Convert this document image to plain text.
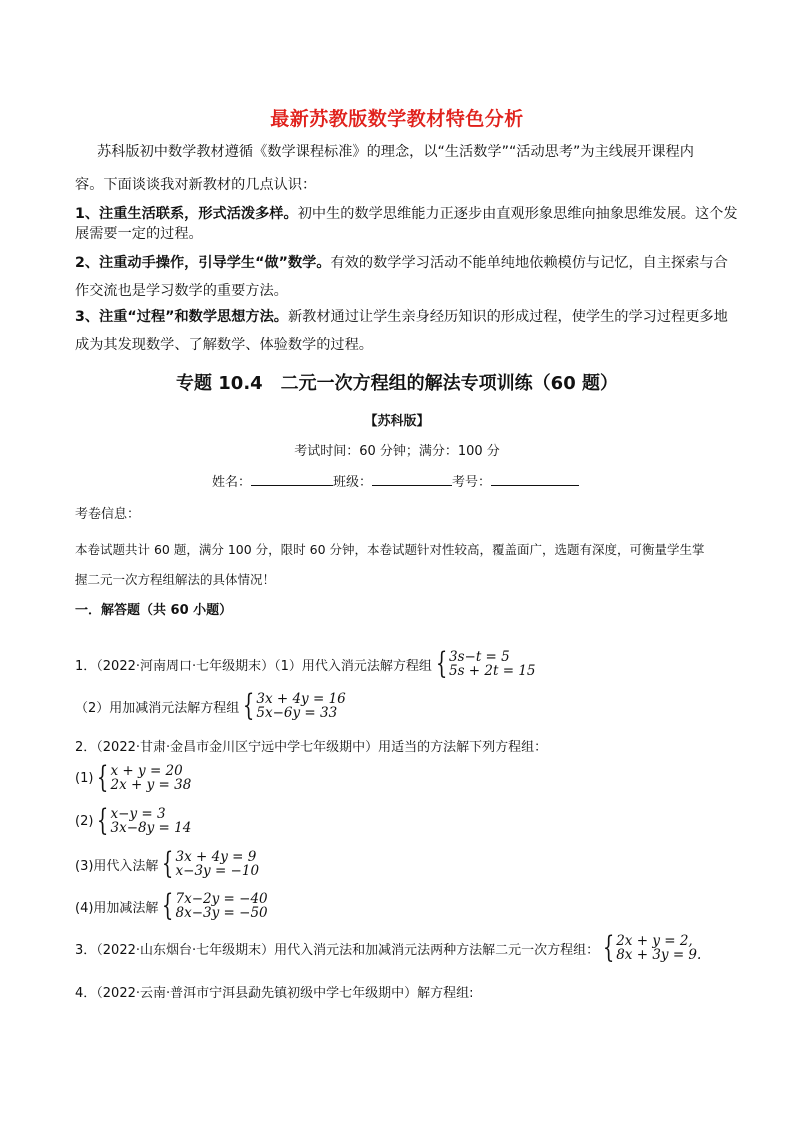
最新苏教版数学教材特色分析
苏科版初中数学教材遵循《数学课程标准》的理念，以“生活数学”“活动思考”为主线展开课程内
容。下面谈谈我对新教材的几点认识：
1、注重生活联系，形式活泼多样。初中生的数学思维能力正逐步由直观形象思维向抽象思维发展。这个发
展需要一定的过程。
2、注重动手操作，引导学生“做”数学。有效的数学学习活动不能单纯地依赖模仿与记忆，自主探索与合
作交流也是学习数学的重要方法。
3、注重“过程”和数学思想方法。新教材通过让学生亲身经历知识的形成过程，使学生的学习过程更多地
成为其发现数学、了解数学、体验数学的过程。
专题 10.4　二元一次方程组的解法专项训练（60 题）
【苏科版】
考试时间：60 分钟；满分：100 分
姓名：	班级：	考号：
考卷信息：
本卷试题共计 60 题，满分 100 分，限时 60 分钟，本卷试题针对性较高，覆盖面广，选题有深度，可衡量学生掌
握二元一次方程组解法的具体情况！
一．解答题（共 60 小题）
1．（2022·河南周口·七年级期末）（1）用代入消元法解方程组 { 3s−t = 5
5s + 2t = 15
（2）用加减消元法解方程组 { 3x + 4y = 16
5x−6y = 33
2．（2022·甘肃·金昌市金川区宁远中学七年级期中）用适当的方法解下列方程组：
(1) { x + y = 20
2x + y = 38
(2) { x−y = 3
3x−8y = 14
(3)用代入法解 { 3x + 4y = 9
x−3y = −10
(4)用加减法解 { 7x−2y = −40
8x−3y = −50
3．（2022·山东烟台·七年级期末）用代入消元法和加减消元法两种方法解二元一次方程组： { 2x + y = 2,
8x + 3y = 9.
4．（2022·云南·普洱市宁洱县勐先镇初级中学七年级期中）解方程组:
